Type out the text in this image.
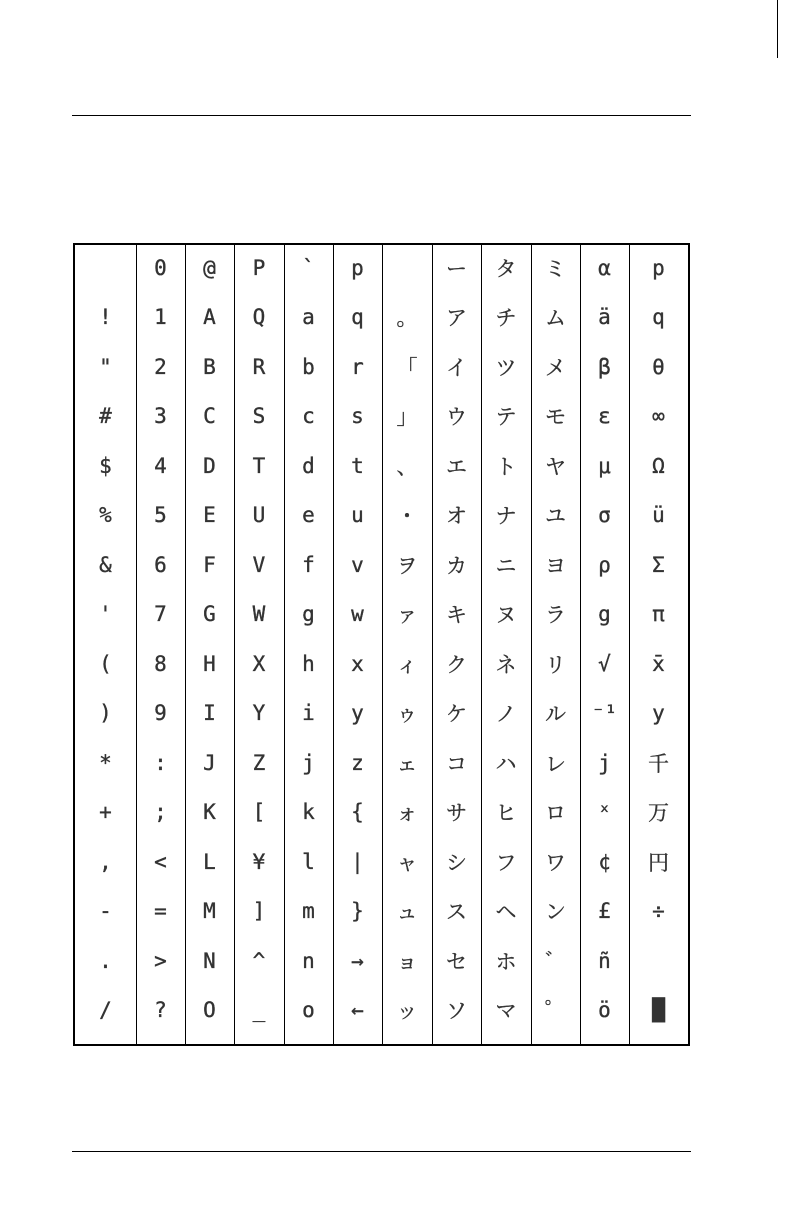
!
"
#
$
%
&
'
(
)
*
+
,
-
.
/
0
1
2
3
4
5
6
7
8
9
:
;
<
=
>
?
@
A
B
C
D
E
F
G
H
I
J
K
L
M
N
O
P
Q
R
S
T
U
V
W
X
Y
Z
[
¥
]
^
_
`
a
b
c
d
e
f
g
h
i
j
k
l
m
n
o
p
q
r
s
t
u
v
w
x
y
z
{
|
}
→
←
。
「
」
、
・
ヲ
ァ
ィ
ゥ
ェ
ォ
ャ
ュ
ョ
ッ
ー
ア
イ
ウ
エ
オ
カ
キ
ク
ケ
コ
サ
シ
ス
セ
ソ
タ
チ
ツ
テ
ト
ナ
ニ
ヌ
ネ
ノ
ハ
ヒ
フ
ヘ
ホ
マ
ミ
ム
メ
モ
ヤ
ユ
ヨ
ラ
リ
ル
レ
ロ
ワ
ン
゛
゜
α
ä
β
ε
μ
σ
ρ
g
√
⁻¹
j
ˣ
¢
£
ñ
ö
p
q
θ
∞
Ω
ü
Σ
π
x̄
y
千
万
円
÷
█
